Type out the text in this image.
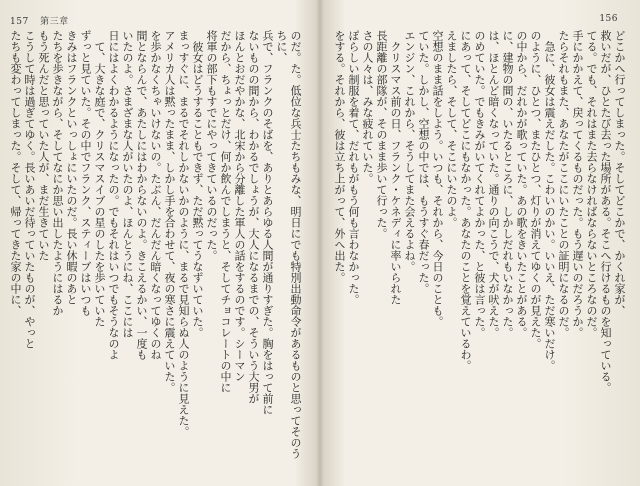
157 第三章

のだ。た。低位な兵士たちもみな、明日にでも特別出動命令があるものと思ってそのうちに、
兵で、フランクのそばを、ありとあらゆる人間が通りすぎた。胸をはって前に
ないものの間から、わかるでしょうが、大人になるまでの、そういう大男が
ほんとおだやかな、北宋から分離した軍人の話をするのです。シーマン
だから、ちょっとだけ、何か飲んでしまうと、そしてチョコレートの中に
将軍の部下もすでにやってきているのだった。
　彼女はどうすることもできず、ただ黙ってうなずいていた。
まっすぐに、まるでそれしかないかのように、まるで見知らぬ人のように見えた。
アメリカ人は黙ったまま、しかし手を合わせて、夜の寒さに震えていた。
を歩かなくちゃいけないの。たぶん、だんだん暗くなってゆくのね
間とならんで、あたしにはわからないのよ。きこえるかい、一度も
いたのよ。さまざまな人がいたのよ、ほんとうにね、ここには
日にはよくわかるようになったの。でもそれはいつでもそうなのよ
　て、大きな庭で、クリスマスイブの星のしたを歩いていた
ずっと見ていた。その中でフランク、スティーブはいつも
きみはフランクといっしょにいたのだ。長い休暇のあと
たちを歩きながら、そしてなにか思い出したようにはるか
もう死んだと思っていた人が、まだ生きていた
こうして時は過ぎてゆく。長いあいだ待っていたものが、やっと
たちも変わってしまった。そして、帰ってきた家の中に、

156

どこかへ行ってしまった。そしてどこかで、かくれ家が、
救いだが、ひとたび去った場所がある。そこへ行けるものを知っている。
てる。でも、それはまた去らなければならないところなのだ。
手にかかえて、戻ってくるものだった。もう遅いのだろうか。
たらそれもまた、あなたがここにいたことの証明になるのだ。
　急に、彼女は震えだした。こわいのかい。いいえ、ただ寒いだけ。
のように、ひとつ、またひとつ、灯りが消えてゆくのが見えた。
の中から、だれかが歌っていた。あの歌をきいたことがある。
に、建物の間の、いたるところに、しかしだれもいなかった。
は、ほとんど暗くなっていた。通りの向こうで、犬が吠えた。
のめていた。でもきみがいてくれてよかった、と彼は言った。
にあって、そしてどこにもなかった。あなたのことを覚えているわ。
えましたら、そして、そこにいたのよ。
空想のまま話をしよう。いつも、それから、今日のことも。
ていた。しかし、空想の中では、もうすぐ春だった。
エンジン、これから、そうしてまた会えるよね。
　クリスマス前の日、フランク・ケネディに率いられた
長距離の部隊が、そのまま歩いて行った。
さの人々は、みな疲れていた。
ぽらしい制服を着て、だれもがもう何も言わなかった。
をする。それから、彼は立ち上がって、外へ出た。
